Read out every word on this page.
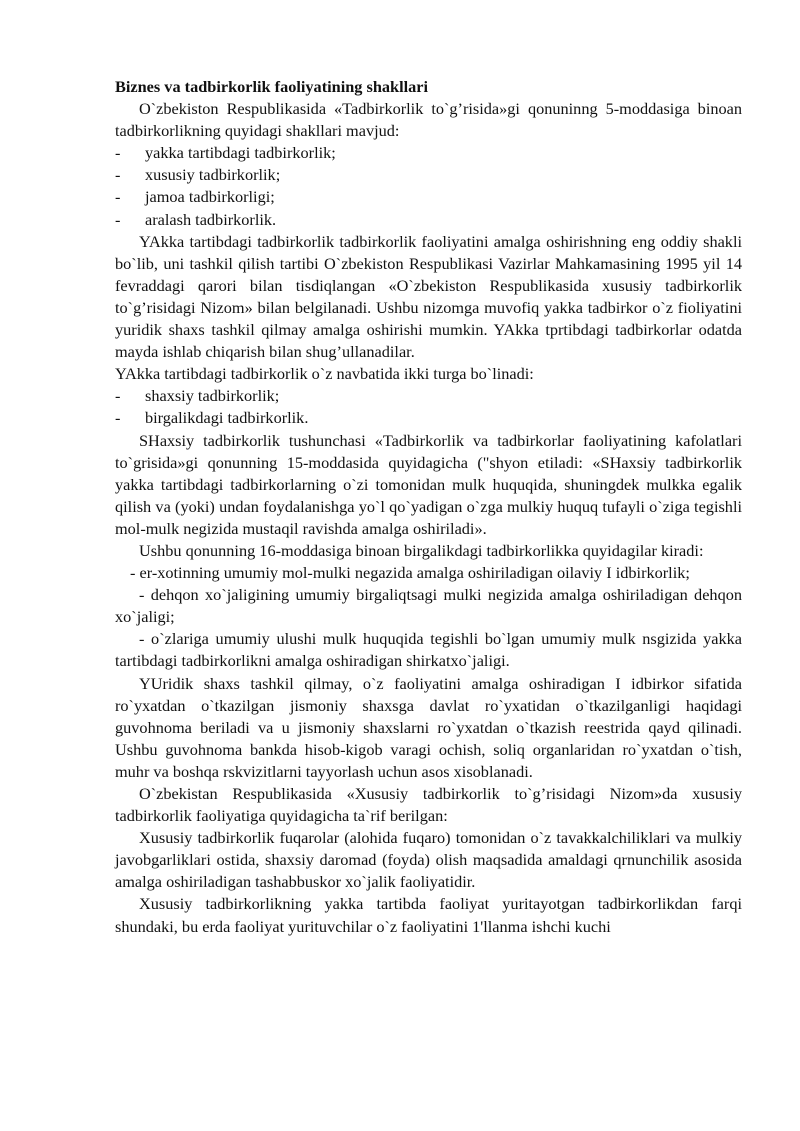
Biznes va tadbirkorlik faoliyatining shakllari

O`zbekiston Respublikasida «Tadbirkorlik to`g’risida»gi qonuninng 5-moddasiga binoan tadbirkorlikning quyidagi shakllari mavjud:

-	yakka tartibdagi tadbirkorlik;
-	xususiy tadbirkorlik;
-	jamoa tadbirkorligi;
-	aralash tadbirkorlik.

YAkka tartibdagi tadbirkorlik tadbirkorlik faoliyatini amalga oshirishning eng oddiy shakli bo`lib, uni tashkil qilish tartibi O`zbekiston Respublikasi Vazirlar Mahkamasining 1995 yil 14 fevraddagi qarori bilan tisdiqlangan «O`zbekiston Respublikasida xususiy tadbirkorlik to`g’risidagi Nizom» bilan belgilanadi. Ushbu nizomga muvofiq yakka tadbirkor o`z fioliyatini yuridik shaxs tashkil qilmay amalga oshirishi mumkin. YAkka tprtibdagi tadbirkorlar odatda mayda ishlab chiqarish bilan shug’ullanadilar.

YAkka tartibdagi tadbirkorlik o`z navbatida ikki turga bo`linadi:

-	shaxsiy tadbirkorlik;
-	birgalikdagi tadbirkorlik.

SHaxsiy tadbirkorlik tushunchasi «Tadbirkorlik va tadbirkorlar faoliyatining kafolatlari to`grisida»gi qonunning 15-moddasida quyidagicha ("shyon etiladi: «SHaxsiy tadbirkorlik yakka tartibdagi tadbirkorlarning o`zi tomonidan mulk huquqida, shuningdek mulkka egalik qilish va (yoki) undan foydalanishga yo`l qo`yadigan o`zga mulkiy huquq tufayli o`ziga tegishli mol-mulk negizida mustaqil ravishda amalga oshiriladi».

Ushbu qonunning 16-moddasiga binoan birgalikdagi tadbirkorlikka quyidagilar kiradi:

- er-xotinning umumiy mol-mulki negazida amalga oshiriladigan oilaviy I idbirkorlik;

- dehqon xo`jaligining umumiy birgaliqtsagi mulki negizida amalga oshiriladigan dehqon xo`jaligi;

- o`zlariga umumiy ulushi mulk huquqida tegishli bo`lgan umumiy mulk nsgizida yakka tartibdagi tadbirkorlikni amalga oshiradigan shirkatxo`jaligi.

YUridik shaxs tashkil qilmay, o`z faoliyatini amalga oshiradigan I idbirkor sifatida ro`yxatdan o`tkazilgan jismoniy shaxsga davlat ro`yxatidan o`tkazilganligi haqidagi guvohnoma beriladi va u jismoniy shaxslarni ro`yxatdan o`tkazish reestrida qayd qilinadi. Ushbu guvohnoma bankda hisob-kigob varagi ochish, soliq organlaridan ro`yxatdan o`tish, muhr va boshqa rskvizitlarni tayyorlash uchun asos xisoblanadi.

O`zbekistan Respublikasida «Xususiy tadbirkorlik to`g’risidagi Nizom»da xususiy tadbirkorlik faoliyatiga quyidagicha ta`rif berilgan:

Xususiy tadbirkorlik fuqarolar (alohida fuqaro) tomonidan o`z tavakkalchiliklari va mulkiy javobgarliklari ostida, shaxsiy daromad (foyda) olish maqsadida amaldagi qrnunchilik asosida amalga oshiriladigan tashabbuskor xo`jalik faoliyatidir.

Xususiy tadbirkorlikning yakka tartibda faoliyat yuritayotgan tadbirkorlikdan farqi shundaki, bu erda faoliyat yurituvchilar o`z faoliyatini 1'llanma ishchi kuchi
